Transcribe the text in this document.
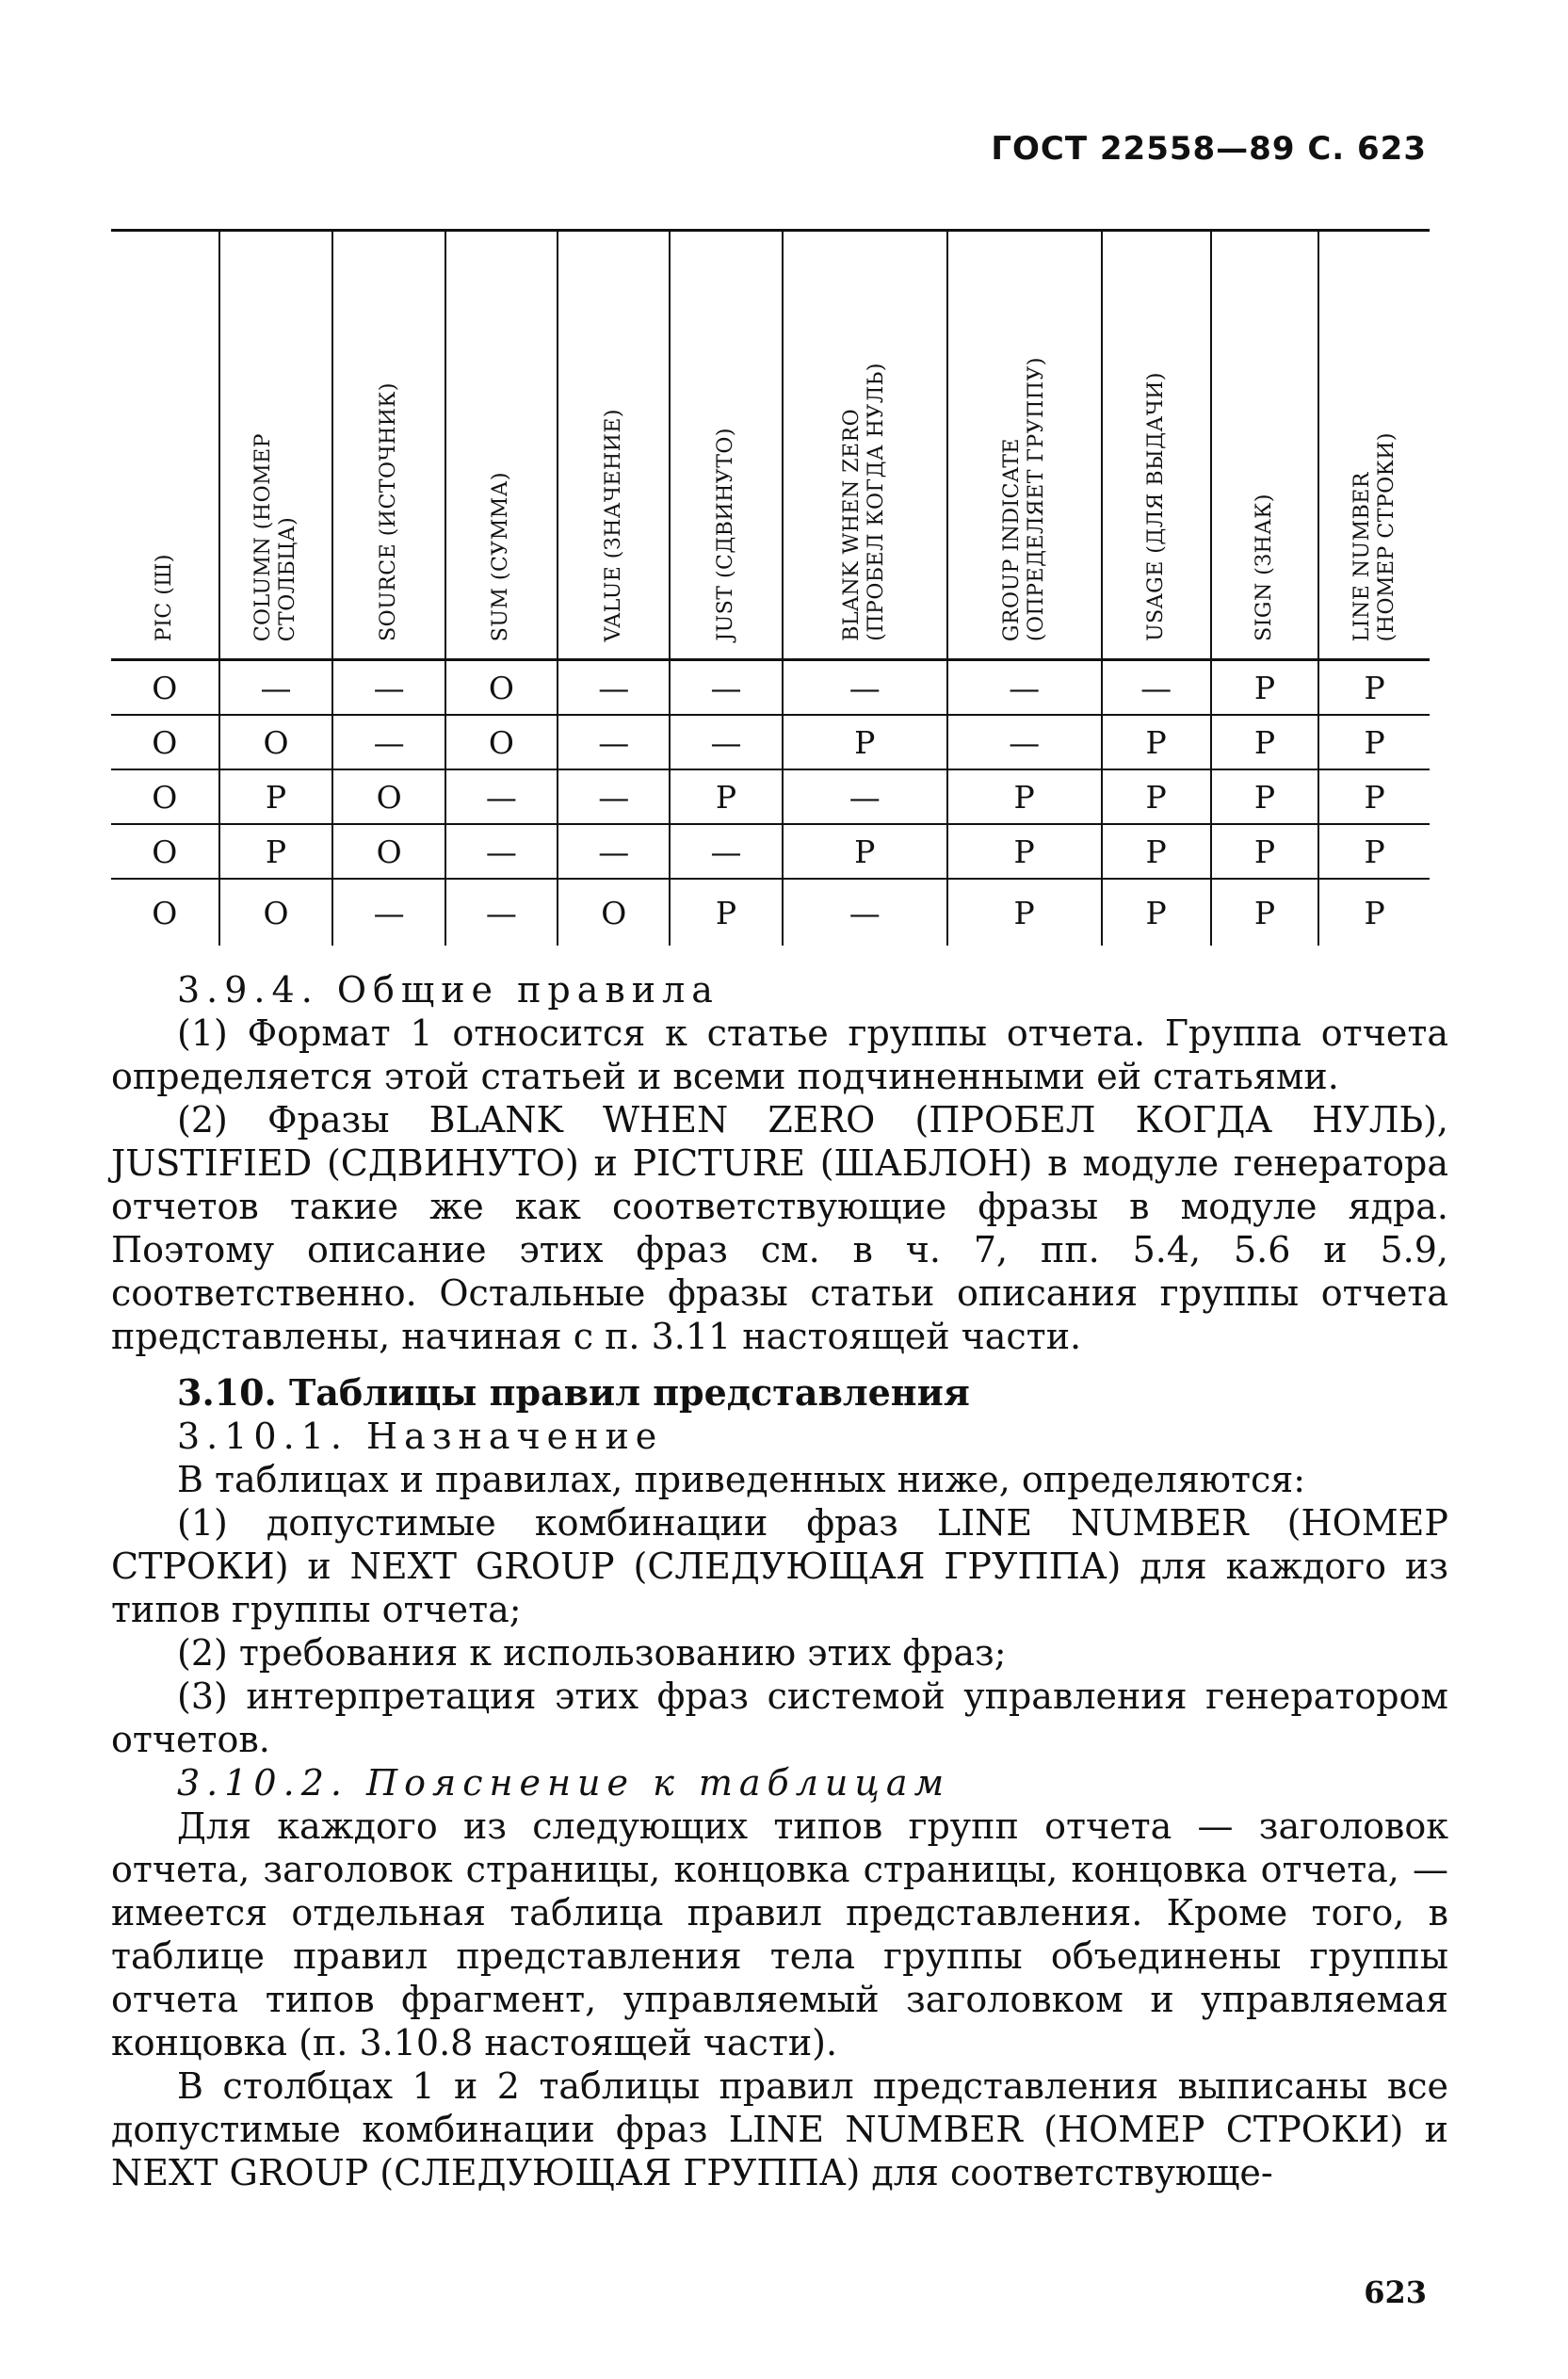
ГОСТ 22558—89 С. 623
PIC (Ш)	COLUMN (НОМЕР
СТОЛБЦА)	SOURCE (ИСТОЧНИК)	SUM (СУММА)	VALUE (ЗНАЧЕНИЕ)	JUST (СДВИНУТО)	BLANK WHEN ZERO
(ПРОБЕЛ КОГДА НУЛЬ)	GROUP INDICATE
(ОПРЕДЕЛЯЕТ ГРУППУ)	USAGE (ДЛЯ ВЫДАЧИ)	SIGN (ЗНАК)	LINE NUMBER
(НОМЕР СТРОКИ)

О	—	—	О	—	—	—	—	—	Р	Р
О	О	—	О	—	—	Р	—	Р	Р	Р
О	Р	О	—	—	Р	—	Р	Р	Р	Р
О	Р	О	—	—	—	Р	Р	Р	Р	Р
О	О	—	—	О	Р	—	Р	Р	Р	Р

3.9.4. Общие правила

(1) Формат 1 относится к статье группы отчета. Группа отчета определяется этой статьей и всеми подчиненными ей статьями.

(2) Фразы BLANK WHEN ZERO (ПРОБЕЛ КОГДА НУЛЬ), JUSTIFIED (СДВИНУТО) и PICTURE (ШАБЛОН) в модуле генератора отчетов такие же как соответствующие фразы в модуле ядра. Поэтому описание этих фраз см. в ч. 7, пп. 5.4, 5.6 и 5.9, соответственно. Остальные фразы статьи описания группы отчета представлены, начиная с п. 3.11 настоящей части.

3.10. Таблицы правил представления

3.10.1. Назначение

В таблицах и правилах, приведенных ниже, определяются:

(1) допустимые комбинации фраз LINE NUMBER (НОМЕР СТРОКИ) и NEXT GROUP (СЛЕДУЮЩАЯ ГРУППА) для каждого из типов группы отчета;

(2) требования к использованию этих фраз;

(3) интерпретация этих фраз системой управления генератором отчетов.

3.10.2. Пояснение к таблицам

Для каждого из следующих типов групп отчета — заголовок отчета, заголовок страницы, концовка страницы, концовка отчета, — имеется отдельная таблица правил представления. Кроме того, в таблице правил представления тела группы объединены группы отчета типов фрагмент, управляемый заголовком и управляемая концовка (п. 3.10.8 настоящей части).

В столбцах 1 и 2 таблицы правил представления выписаны все допустимые комбинации фраз LINE NUMBER (НОМЕР СТРОКИ) и NEXT GROUP (СЛЕДУЮЩАЯ ГРУППА) для соответствующе-

623
